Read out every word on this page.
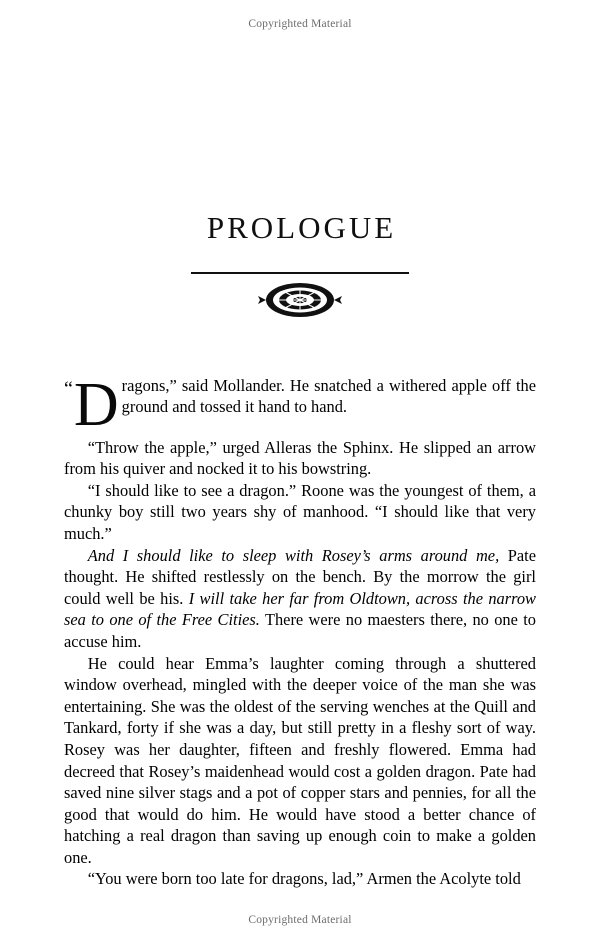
Copyrighted Material
PROLOGUE

“ D ragons,” said Mollander. He snatched a withered apple off the ground and tossed it hand to hand.

“Throw the apple,” urged Alleras the Sphinx. He slipped an arrow from his quiver and nocked it to his bowstring.

“I should like to see a dragon.” Roone was the youngest of them, a chunky boy still two years shy of manhood. “I should like that very much.”

And I should like to sleep with Rosey’s arms around me, Pate thought. He shifted restlessly on the bench. By the morrow the girl could well be his. I will take her far from Oldtown, across the narrow sea to one of the Free Cities. There were no maesters there, no one to accuse him.

He could hear Emma’s laughter coming through a shuttered window overhead, mingled with the deeper voice of the man she was entertaining. She was the oldest of the serving wenches at the Quill and Tankard, forty if she was a day, but still pretty in a fleshy sort of way. Rosey was her daughter, fifteen and freshly flowered. Emma had decreed that Rosey’s maidenhead would cost a golden dragon. Pate had saved nine silver stags and a pot of copper stars and pennies, for all the good that would do him. He would have stood a better chance of hatching a real dragon than saving up enough coin to make a golden one.

“You were born too late for dragons, lad,” Armen the Acolyte told

Copyrighted Material
